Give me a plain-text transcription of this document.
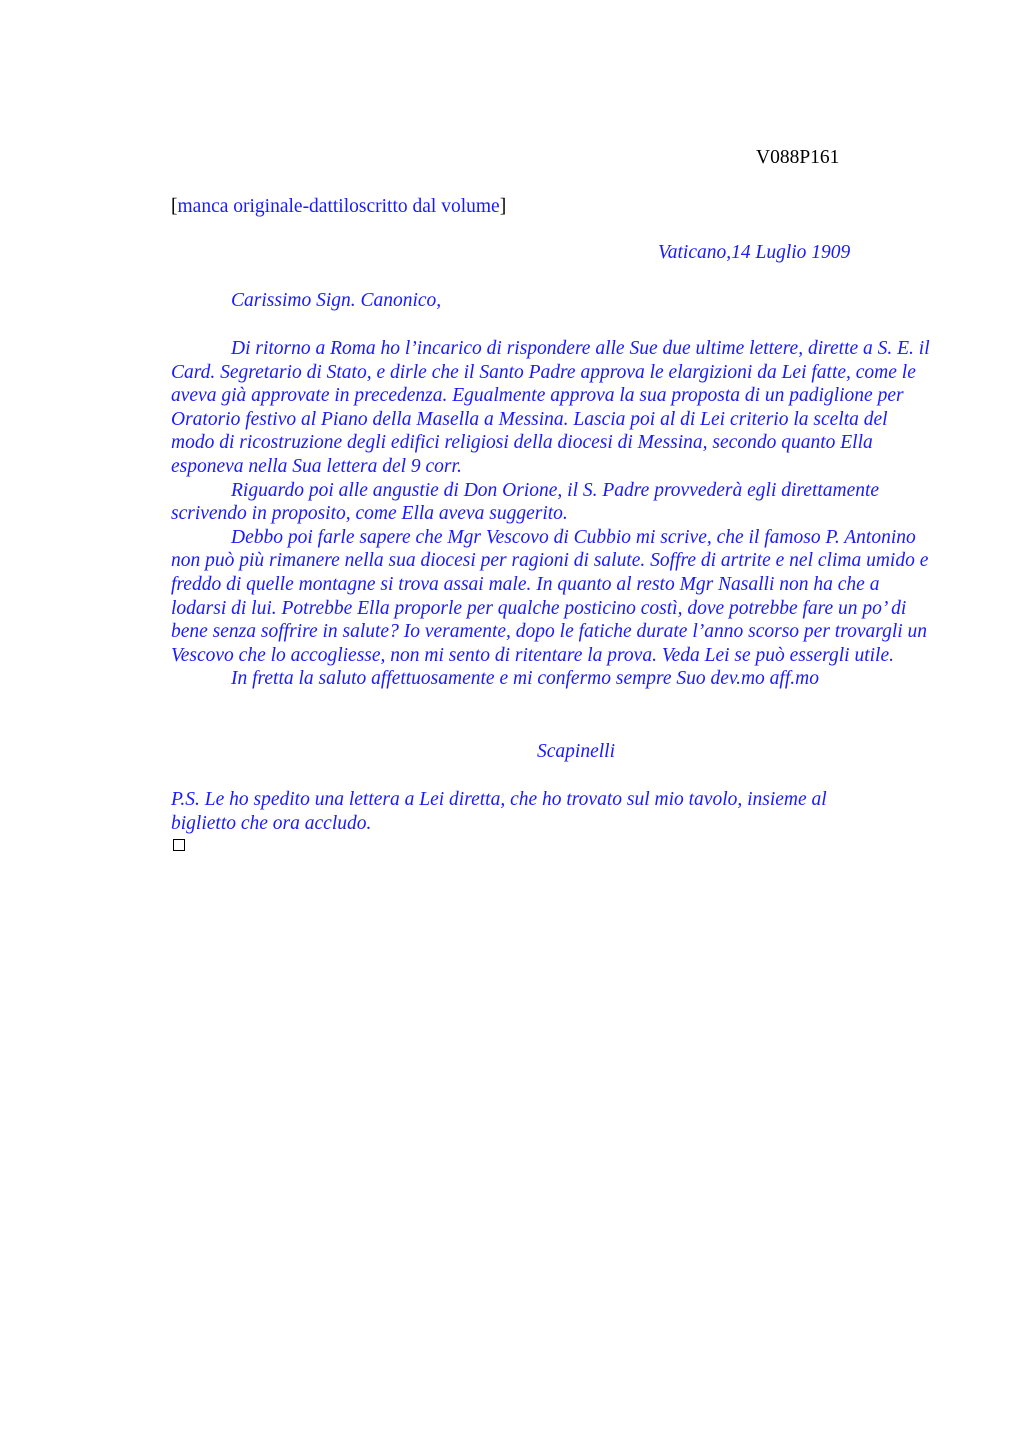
V088P161
[manca originale-dattiloscritto dal volume]
Vaticano,14 Luglio 1909
Carissimo Sign. Canonico,

Di ritorno a Roma ho l’incarico di rispondere alle Sue due ultime lettere, dirette a S. E. il Card. Segretario di Stato, e dirle che il Santo Padre approva le elargizioni da Lei fatte, come le aveva già approvate in precedenza. Egualmente approva la sua proposta di un padiglione per Oratorio festivo al Piano della Masella a Messina. Lascia poi al di Lei criterio la scelta del modo di ricostruzione degli edifici religiosi della diocesi di Messina, secondo quanto Ella esponeva nella Sua lettera del 9 corr.

Riguardo poi alle angustie di Don Orione, il S. Padre provvederà egli direttamente scrivendo in proposito, come Ella aveva suggerito.

Debbo poi farle sapere che Mgr Vescovo di Cubbio mi scrive, che il famoso P. Antonino non può più rimanere nella sua diocesi per ragioni di salute. Soffre di artrite e nel clima umido e freddo di quelle montagne si trova assai male. In quanto al resto Mgr Nasalli non ha che a lodarsi di lui. Potrebbe Ella proporle per qualche posticino costì, dove potrebbe fare un po’ di bene senza soffrire in salute? Io veramente, dopo le fatiche durate l’anno scorso per trovargli un Vescovo che lo accogliesse, non mi sento di ritentare la prova. Veda Lei se può essergli utile.

In fretta la saluto affettuosamente e mi confermo sempre Suo dev.mo aff.mo

Scapinelli
P.S. Le ho spedito una lettera a Lei diretta, che ho trovato sul mio tavolo, insieme al biglietto che ora accludo.
